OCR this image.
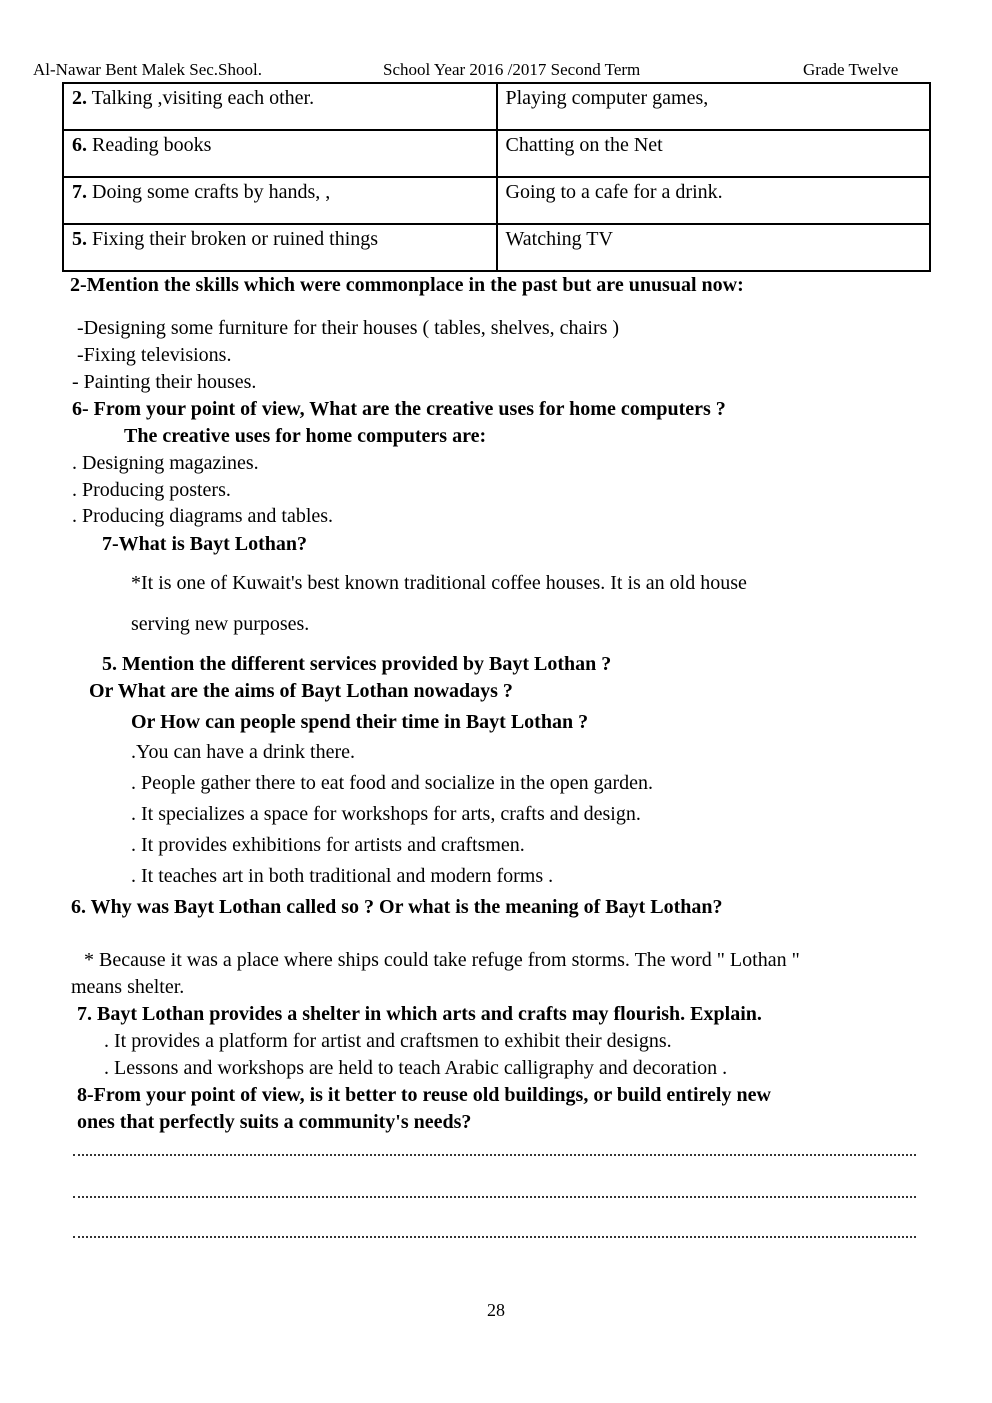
Al-Nawar Bent Malek Sec.Shool.	School Year 2016 /2017 Second Term	Grade Twelve
2. Talking ,visiting each other.	Playing computer games,
6. Reading books	Chatting on the Net
7. Doing some crafts by hands, ,	Going to a cafe for a drink.
5. Fixing their broken or ruined things	Watching TV
2-Mention the skills which were commonplace in the past but are unusual now:
-Designing some furniture for their houses ( tables, shelves, chairs )
-Fixing televisions.
- Painting their houses.
6- From your point of view, What are the creative uses for home computers ?
The creative uses for home computers are:
. Designing magazines.
. Producing posters.
. Producing diagrams and tables.
7-What is Bayt Lothan?
*It is one of Kuwait's best known traditional coffee houses. It is an old house
serving new purposes.
5. Mention the different services provided by Bayt Lothan ?
Or What are the aims of Bayt Lothan nowadays ?
Or How can people spend their time in Bayt Lothan ?
.You can have a drink there.
. People gather there to eat food and socialize in the open garden.
. It specializes a space for workshops for arts, crafts and design.
. It provides exhibitions for artists and craftsmen.
. It teaches art in both traditional and modern forms .
6. Why was Bayt Lothan called so ? Or what is the meaning of Bayt Lothan?
* Because it was a place where ships could take refuge from storms. The word " Lothan "
means shelter.
7. Bayt Lothan provides a shelter in which arts and crafts may flourish. Explain.
. It provides a platform for artist and craftsmen to exhibit their designs.
. Lessons and workshops are held to teach Arabic calligraphy and decoration .
8-From your point of view, is it better to reuse old buildings, or build entirely new
ones that perfectly suits a community's needs?
28
